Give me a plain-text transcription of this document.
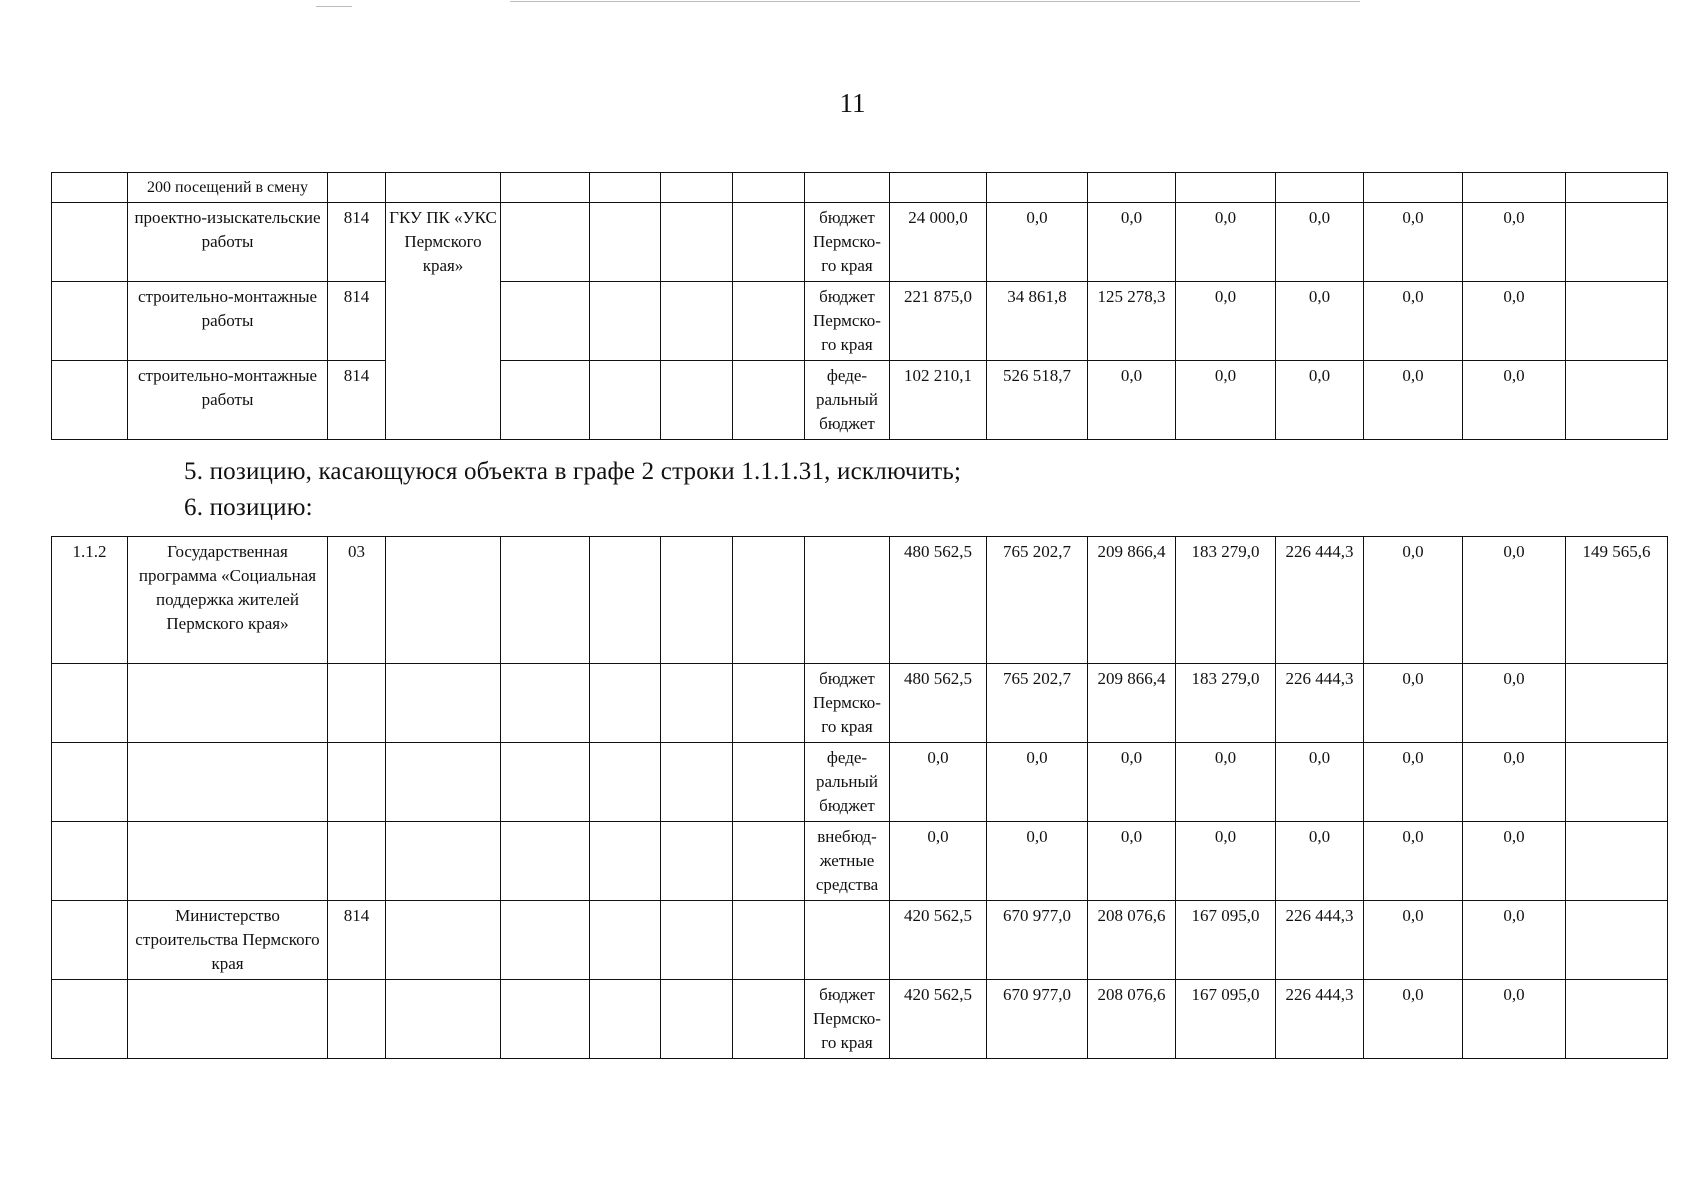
11
	200 посещений в смену															
	проектно-изыскательские работы	814	ГКУ ПК «УКС Пермского края»					бюджет Пермско-го края	24 000,0	0,0	0,0	0,0	0,0	0,0	0,0	
	строительно-монтажные работы	814						бюджет Пермско-го края	221 875,0	34 861,8	125 278,3	0,0	0,0	0,0	0,0	
	строительно-монтажные работы	814						феде-ральный бюджет	102 210,1	526 518,7	0,0	0,0	0,0	0,0	0,0	
5. позицию, касающуюся объекта в графе 2 строки 1.1.1.31, исключить;
6. позицию:
1.1.2	Государственная программа «Социальная поддержка жителей Пермского края»	03							480 562,5	765 202,7	209 866,4	183 279,0	226 444,3	0,0	0,0	149 565,6
								бюджет Пермско-го края	480 562,5	765 202,7	209 866,4	183 279,0	226 444,3	0,0	0,0	
								феде-ральный бюджет	0,0	0,0	0,0	0,0	0,0	0,0	0,0	
								внебюд-жетные средства	0,0	0,0	0,0	0,0	0,0	0,0	0,0	
	Министерство строительства Пермского края	814							420 562,5	670 977,0	208 076,6	167 095,0	226 444,3	0,0	0,0	
								бюджет Пермско-го края	420 562,5	670 977,0	208 076,6	167 095,0	226 444,3	0,0	0,0	
